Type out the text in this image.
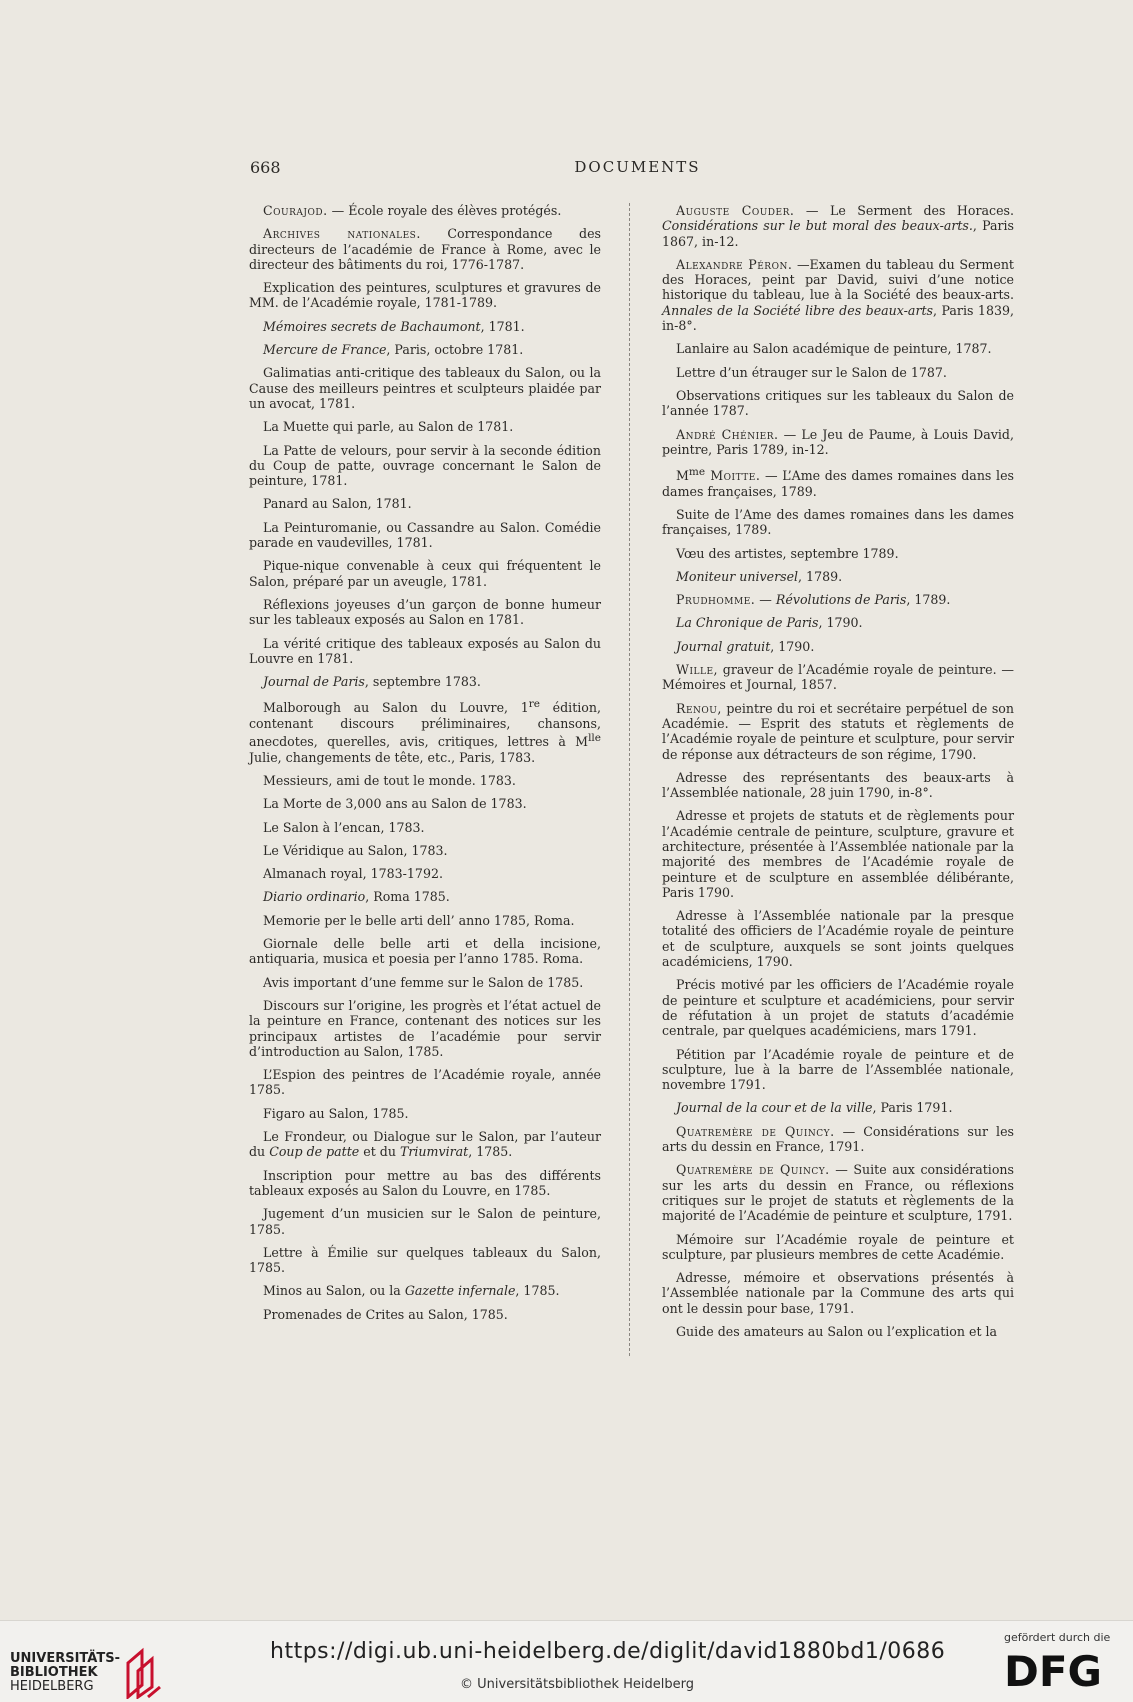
668	DOCUMENTS

Courajod. — École royale des élèves protégés.

Archives nationales. Correspondance des directeurs de l’académie de France à Rome, avec le directeur des bâtiments du roi, 1776-1787.

Explication des peintures, sculptures et gravures de MM. de l’Académie royale, 1781-1789.

Mémoires secrets de Bachaumont, 1781.

Mercure de France, Paris, octobre 1781.

Galimatias anti-critique des tableaux du Salon, ou la Cause des meilleurs peintres et sculpteurs plaidée par un avocat, 1781.

La Muette qui parle, au Salon de 1781.

La Patte de velours, pour servir à la seconde édition du Coup de patte, ouvrage concernant le Salon de peinture, 1781.

Panard au Salon, 1781.

La Peinturomanie, ou Cassandre au Salon. Comédie parade en vaudevilles, 1781.

Pique-nique convenable à ceux qui fréquentent le Salon, préparé par un aveugle, 1781.

Réflexions joyeuses d’un garçon de bonne humeur sur les tableaux exposés au Salon en 1781.

La vérité critique des tableaux exposés au Salon du Louvre en 1781.

Journal de Paris, septembre 1783.

Malborough au Salon du Louvre, 1re édition, contenant discours préliminaires, chansons, anecdotes, querelles, avis, critiques, lettres à $M^{lle}$ Julie, changements de tête, etc., Paris, 1783.

Messieurs, ami de tout le monde. 1783.

La Morte de 3,000 ans au Salon de 1783.

Le Salon à l’encan, 1783.

Le Véridique au Salon, 1783.

Almanach royal, 1783-1792.

Diario ordinario, Roma 1785.

Memorie per le belle arti dell’ anno 1785, Roma.

Giornale delle belle arti et della incisione, antiquaria, musica et poesia per l’anno 1785. Roma.

Avis important d’une femme sur le Salon de 1785.

Discours sur l’origine, les progrès et l’état actuel de la peinture en France, contenant des notices sur les principaux artistes de l’académie pour servir d’introduction au Salon, 1785.

L’Espion des peintres de l’Académie royale, année 1785.

Figaro au Salon, 1785.

Le Frondeur, ou Dialogue sur le Salon, par l’auteur du Coup de patte et du Triumvirat, 1785.

Inscription pour mettre au bas des différents tableaux exposés au Salon du Louvre, en 1785.

Jugement d’un musicien sur le Salon de peinture, 1785.

Lettre à Émilie sur quelques tableaux du Salon, 1785.

Minos au Salon, ou la Gazette infernale, 1785.

Promenades de Crites au Salon, 1785.

Auguste Couder. — Le Serment des Horaces. Considérations sur le but moral des beaux-arts., Paris 1867, in-12.

Alexandre Péron. —Examen du tableau du Serment des Horaces, peint par David, suivi d’une notice historique du tableau, lue à la Société des beaux-arts. Annales de la Société libre des beaux-arts, Paris 1839, in-8°.

Lanlaire au Salon académique de peinture, 1787.

Lettre d’un étrauger sur le Salon de 1787.

Observations critiques sur les tableaux du Salon de l’année 1787.

André Chénier. — Le Jeu de Paume, à Louis David, peintre, Paris 1789, in-12.

$M^{me}$ Moitte. — L’Ame des dames romaines dans les dames françaises, 1789.

Suite de l’Ame des dames romaines dans les dames françaises, 1789.

Vœu des artistes, septembre 1789.

Moniteur universel, 1789.

Prudhomme. — Révolutions de Paris, 1789.

La Chronique de Paris, 1790.

Journal gratuit, 1790.

Wille, graveur de l’Académie royale de peinture. — Mémoires et Journal, 1857.

Renou, peintre du roi et secrétaire perpétuel de son Académie. — Esprit des statuts et règlements de l’Académie royale de peinture et sculpture, pour servir de réponse aux détracteurs de son régime, 1790.

Adresse des représentants des beaux-arts à l’Assemblée nationale, 28 juin 1790, in-8°.

Adresse et projets de statuts et de règlements pour l’Académie centrale de peinture, sculpture, gravure et architecture, présentée à l’Assemblée nationale par la majorité des membres de l’Académie royale de peinture et de sculpture en assemblée délibérante, Paris 1790.

Adresse à l’Assemblée nationale par la presque totalité des officiers de l’Académie royale de peinture et de sculpture, auxquels se sont joints quelques académiciens, 1790.

Précis motivé par les officiers de l’Académie royale de peinture et sculpture et académiciens, pour servir de réfutation à un projet de statuts d’académie centrale, par quelques académiciens, mars 1791.

Pétition par l’Académie royale de peinture et de sculpture, lue à la barre de l’Assemblée nationale, novembre 1791.

Journal de la cour et de la ville, Paris 1791.

Quatremère de Quincy. — Considérations sur les arts du dessin en France, 1791.

Quatremère de Quincy. — Suite aux considérations sur les arts du dessin en France, ou réflexions critiques sur le projet de statuts et règlements de la majorité de l’Académie de peinture et sculpture, 1791.

Mémoire sur l’Académie royale de peinture et sculpture, par plusieurs membres de cette Académie.

Adresse, mémoire et observations présentés à l’Assemblée nationale par la Commune des arts qui ont le dessin pour base, 1791.

Guide des amateurs au Salon ou l’explication et la

UNIVERSITÄTS-
BIBLIOTHEK
HEIDELBERG
https://digi.ub.uni-heidelberg.de/diglit/david1880bd1/0686
© Universitätsbibliothek Heidelberg
gefördert durch die
DFG
